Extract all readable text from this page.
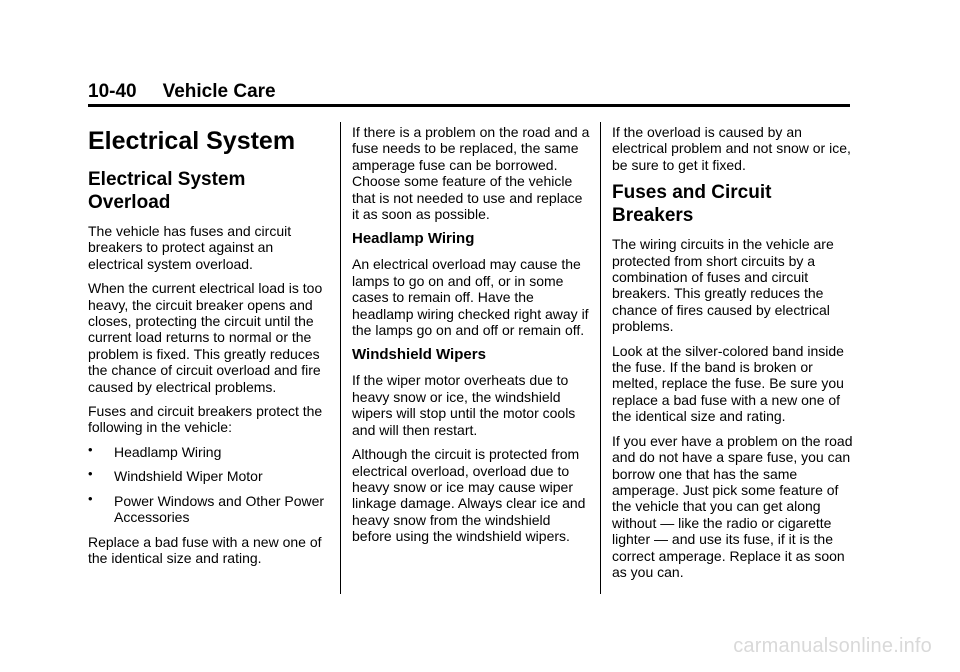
10-40 Vehicle Care
Electrical System
Electrical System Overload

The vehicle has fuses and circuit breakers to protect against an electrical system overload.

When the current electrical load is too heavy, the circuit breaker opens and closes, protecting the circuit until the current load returns to normal or the problem is fixed. This greatly reduces the chance of circuit overload and fire caused by electrical problems.

Fuses and circuit breakers protect the following in the vehicle:

• Headlamp Wiring
• Windshield Wiper Motor
• Power Windows and Other Power Accessories

Replace a bad fuse with a new one of the identical size and rating.

If there is a problem on the road and a fuse needs to be replaced, the same amperage fuse can be borrowed. Choose some feature of the vehicle that is not needed to use and replace it as soon as possible.

Headlamp Wiring

An electrical overload may cause the lamps to go on and off, or in some cases to remain off. Have the headlamp wiring checked right away if the lamps go on and off or remain off.

Windshield Wipers

If the wiper motor overheats due to heavy snow or ice, the windshield wipers will stop until the motor cools and will then restart.

Although the circuit is protected from electrical overload, overload due to heavy snow or ice may cause wiper linkage damage. Always clear ice and heavy snow from the windshield before using the windshield wipers.

If the overload is caused by an electrical problem and not snow or ice, be sure to get it fixed.

Fuses and Circuit Breakers

The wiring circuits in the vehicle are protected from short circuits by a combination of fuses and circuit breakers. This greatly reduces the chance of fires caused by electrical problems.

Look at the silver-colored band inside the fuse. If the band is broken or melted, replace the fuse. Be sure you replace a bad fuse with a new one of the identical size and rating.

If you ever have a problem on the road and do not have a spare fuse, you can borrow one that has the same amperage. Just pick some feature of the vehicle that you can get along without — like the radio or cigarette lighter — and use its fuse, if it is the correct amperage. Replace it as soon as you can.

carmanualsonline.info
